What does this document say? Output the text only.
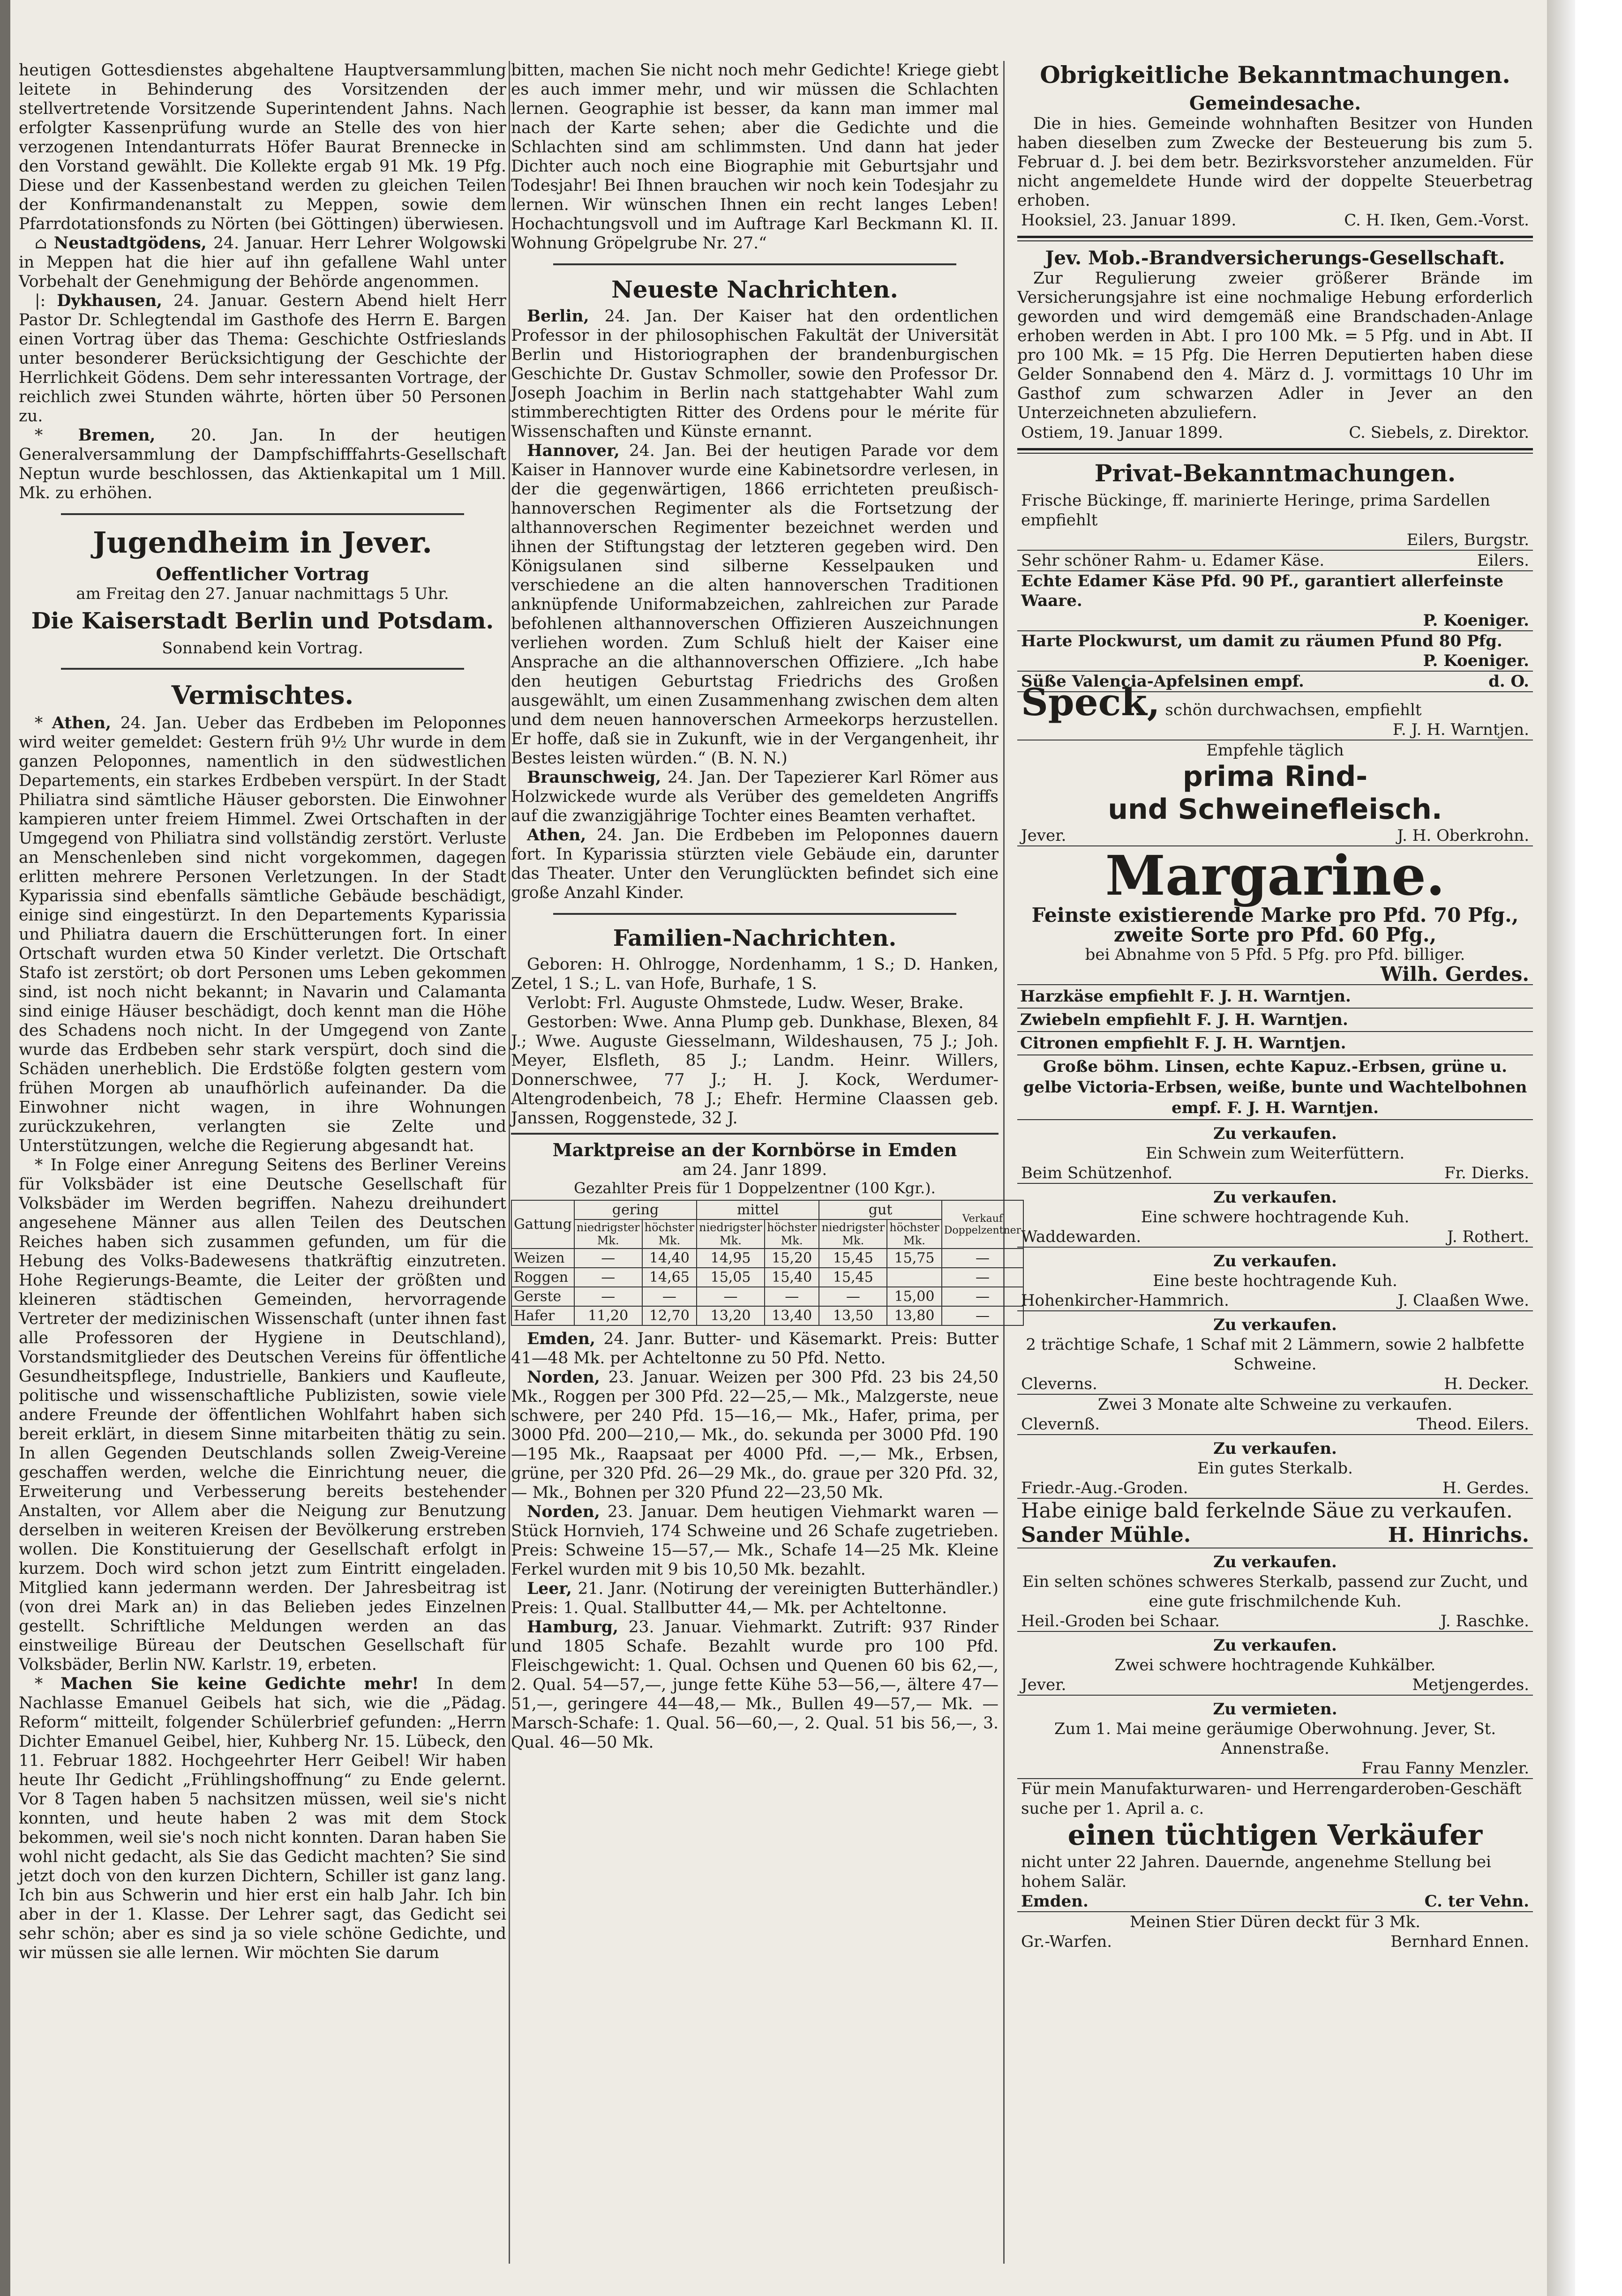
heutigen Gottesdienstes abgehaltene Hauptversammlung leitete in Behinderung des Vorsitzenden der stellvertretende Vorsitzende Superintendent Jahns. Nach erfolgter Kassenprüfung wurde an Stelle des von hier verzogenen Intendanturrats Höfer Baurat Brennecke in den Vorstand gewählt. Die Kollekte ergab 91 Mk. 19 Pfg. Diese und der Kassenbestand werden zu gleichen Teilen der Konfirmandenanstalt zu Meppen, sowie dem Pfarrdotationsfonds zu Nörten (bei Göttingen) überwiesen.

⌂ Neustadtgödens, 24. Januar. Herr Lehrer Wolgowski in Meppen hat die hier auf ihn gefallene Wahl unter Vorbehalt der Genehmigung der Behörde angenommen.

|: Dykhausen, 24. Januar. Gestern Abend hielt Herr Pastor Dr. Schlegtendal im Gasthofe des Herrn E. Bargen einen Vortrag über das Thema: Geschichte Ostfrieslands unter besonderer Berücksichtigung der Geschichte der Herrlichkeit Gödens. Dem sehr interessanten Vortrage, der reichlich zwei Stunden währte, hörten über 50 Personen zu.

* Bremen, 20. Jan. In der heutigen Generalversammlung der Dampfschifffahrts-Gesellschaft Neptun wurde beschlossen, das Aktienkapital um 1 Mill. Mk. zu erhöhen.

Jugendheim in Jever.
Oeffentlicher Vortrag
am Freitag den 27. Januar nachmittags 5 Uhr.
Die Kaiserstadt Berlin und Potsdam.
Sonnabend kein Vortrag.
Vermischtes.

* Athen, 24. Jan. Ueber das Erdbeben im Peloponnes wird weiter gemeldet: Gestern früh 9½ Uhr wurde in dem ganzen Peloponnes, namentlich in den südwestlichen Departements, ein starkes Erdbeben verspürt. In der Stadt Philiatra sind sämtliche Häuser geborsten. Die Einwohner kampieren unter freiem Himmel. Zwei Ortschaften in der Umgegend von Philiatra sind vollständig zerstört. Verluste an Menschenleben sind nicht vorgekommen, dagegen erlitten mehrere Personen Verletzungen. In der Stadt Kyparissia sind ebenfalls sämtliche Gebäude beschädigt, einige sind eingestürzt. In den Departements Kyparissia und Philiatra dauern die Erschütterungen fort. In einer Ortschaft wurden etwa 50 Kinder verletzt. Die Ortschaft Stafo ist zerstört; ob dort Personen ums Leben gekommen sind, ist noch nicht bekannt; in Navarin und Calamanta sind einige Häuser beschädigt, doch kennt man die Höhe des Schadens noch nicht. In der Umgegend von Zante wurde das Erdbeben sehr stark verspürt, doch sind die Schäden unerheblich. Die Erdstöße folgten gestern vom frühen Morgen ab unaufhörlich aufeinander. Da die Einwohner nicht wagen, in ihre Wohnungen zurückzukehren, verlangten sie Zelte und Unterstützungen, welche die Regierung abgesandt hat.

* In Folge einer Anregung Seitens des Berliner Vereins für Volksbäder ist eine Deutsche Gesellschaft für Volksbäder im Werden begriffen. Nahezu dreihundert angesehene Männer aus allen Teilen des Deutschen Reiches haben sich zusammen gefunden, um für die Hebung des Volks-Badewesens thatkräftig einzutreten. Hohe Regierungs-Beamte, die Leiter der größten und kleineren städtischen Gemeinden, hervorragende Vertreter der medizinischen Wissenschaft (unter ihnen fast alle Professoren der Hygiene in Deutschland), Vorstandsmitglieder des Deutschen Vereins für öffentliche Gesundheitspflege, Industrielle, Bankiers und Kaufleute, politische und wissenschaftliche Publizisten, sowie viele andere Freunde der öffentlichen Wohlfahrt haben sich bereit erklärt, in diesem Sinne mitarbeiten thätig zu sein. In allen Gegenden Deutschlands sollen Zweig-Vereine geschaffen werden, welche die Einrichtung neuer, die Erweiterung und Verbesserung bereits bestehender Anstalten, vor Allem aber die Neigung zur Benutzung derselben in weiteren Kreisen der Bevölkerung erstreben wollen. Die Konstituierung der Gesellschaft erfolgt in kurzem. Doch wird schon jetzt zum Eintritt eingeladen. Mitglied kann jedermann werden. Der Jahresbeitrag ist (von drei Mark an) in das Belieben jedes Einzelnen gestellt. Schriftliche Meldungen werden an das einstweilige Büreau der Deutschen Gesellschaft für Volksbäder, Berlin NW. Karlstr. 19, erbeten.

* Machen Sie keine Gedichte mehr! In dem Nachlasse Emanuel Geibels hat sich, wie die „Pädag. Reform“ mitteilt, folgender Schülerbrief gefunden: „Herrn Dichter Emanuel Geibel, hier, Kuhberg Nr. 15. Lübeck, den 11. Februar 1882. Hochgeehrter Herr Geibel! Wir haben heute Ihr Gedicht „Frühlingshoffnung“ zu Ende gelernt. Vor 8 Tagen haben 5 nachsitzen müssen, weil sie's nicht konnten, und heute haben 2 was mit dem Stock bekommen, weil sie's noch nicht konnten. Daran haben Sie wohl nicht gedacht, als Sie das Gedicht machten? Sie sind jetzt doch von den kurzen Dichtern, Schiller ist ganz lang. Ich bin aus Schwerin und hier erst ein halb Jahr. Ich bin aber in der 1. Klasse. Der Lehrer sagt, das Gedicht sei sehr schön; aber es sind ja so viele schöne Gedichte, und wir müssen sie alle lernen. Wir möchten Sie darum

bitten, machen Sie nicht noch mehr Gedichte! Kriege giebt es auch immer mehr, und wir müssen die Schlachten lernen. Geographie ist besser, da kann man immer mal nach der Karte sehen; aber die Gedichte und die Schlachten sind am schlimmsten. Und dann hat jeder Dichter auch noch eine Biographie mit Geburtsjahr und Todesjahr! Bei Ihnen brauchen wir noch kein Todesjahr zu lernen. Wir wünschen Ihnen ein recht langes Leben! Hochachtungsvoll und im Auftrage Karl Beckmann Kl. II. Wohnung Gröpelgrube Nr. 27.“

Neueste Nachrichten.

Berlin, 24. Jan. Der Kaiser hat den ordentlichen Professor in der philosophischen Fakultät der Universität Berlin und Historiographen der brandenburgischen Geschichte Dr. Gustav Schmoller, sowie den Professor Dr. Joseph Joachim in Berlin nach stattgehabter Wahl zum stimmberechtigten Ritter des Ordens pour le mérite für Wissenschaften und Künste ernannt.

Hannover, 24. Jan. Bei der heutigen Parade vor dem Kaiser in Hannover wurde eine Kabinetsordre verlesen, in der die gegenwärtigen, 1866 errichteten preußisch-hannoverschen Regimenter als die Fortsetzung der althannoverschen Regimenter bezeichnet werden und ihnen der Stiftungstag der letzteren gegeben wird. Den Königsulanen sind silberne Kesselpauken und verschiedene an die alten hannoverschen Traditionen anknüpfende Uniformabzeichen, zahlreichen zur Parade befohlenen althannoverschen Offizieren Auszeichnungen verliehen worden. Zum Schluß hielt der Kaiser eine Ansprache an die althannoverschen Offiziere. „Ich habe den heutigen Geburtstag Friedrichs des Großen ausgewählt, um einen Zusammenhang zwischen dem alten und dem neuen hannoverschen Armeekorps herzustellen. Er hoffe, daß sie in Zukunft, wie in der Vergangenheit, ihr Bestes leisten würden.“ (B. N. N.)

Braunschweig, 24. Jan. Der Tapezierer Karl Römer aus Holzwickede wurde als Verüber des gemeldeten Angriffs auf die zwanzigjährige Tochter eines Beamten verhaftet.

Athen, 24. Jan. Die Erdbeben im Peloponnes dauern fort. In Kyparissia stürzten viele Gebäude ein, darunter das Theater. Unter den Verunglückten befindet sich eine große Anzahl Kinder.

Familien-Nachrichten.

Geboren: H. Ohlrogge, Nordenhamm, 1 S.; D. Hanken, Zetel, 1 S.; L. van Hofe, Burhafe, 1 S.

Verlobt: Frl. Auguste Ohmstede, Ludw. Weser, Brake.

Gestorben: Wwe. Anna Plump geb. Dunkhase, Blexen, 84 J.; Wwe. Auguste Giesselmann, Wildeshausen, 75 J.; Joh. Meyer, Elsfleth, 85 J.; Landm. Heinr. Willers, Donnerschwee, 77 J.; H. J. Kock, Werdumer-Altengrodenbeich, 78 J.; Ehefr. Hermine Claassen geb. Janssen, Roggenstede, 32 J.

Marktpreise an der Kornbörse in Emden
am 24. Janr 1899.
Gezahlter Preis für 1 Doppelzentner (100 Kgr.).
Gattung	gering		mittel		gut		Verkauf Doppelzentner
	niedrigster Mk.	höchster Mk.	niedrigster Mk.	höchster Mk.	niedrigster Mk.	höchster Mk.	
Weizen	—	14,40	14,95	15,20	15,45	15,75	—
Roggen	—	14,65	15,05	15,40	15,45		—
Gerste	—	—	—	—	—	15,00	—
Hafer	11,20	12,70	13,20	13,40	13,50	13,80	—

Emden, 24. Janr. Butter- und Käsemarkt. Preis: Butter 41—48 Mk. per Achteltonne zu 50 Pfd. Netto.

Norden, 23. Januar. Weizen per 300 Pfd. 23 bis 24,50 Mk., Roggen per 300 Pfd. 22—25,— Mk., Malzgerste, neue schwere, per 240 Pfd. 15—16,— Mk., Hafer, prima, per 3000 Pfd. 200—210,— Mk., do. sekunda per 3000 Pfd. 190—195 Mk., Raapsaat per 4000 Pfd. —,— Mk., Erbsen, grüne, per 320 Pfd. 26—29 Mk., do. graue per 320 Pfd. 32,— Mk., Bohnen per 320 Pfund 22—23,50 Mk.

Norden, 23. Januar. Dem heutigen Viehmarkt waren — Stück Hornvieh, 174 Schweine und 26 Schafe zugetrieben. Preis: Schweine 15—57,— Mk., Schafe 14—25 Mk. Kleine Ferkel wurden mit 9 bis 10,50 Mk. bezahlt.

Leer, 21. Janr. (Notirung der vereinigten Butterhändler.) Preis: 1. Qual. Stallbutter 44,— Mk. per Achteltonne.

Hamburg, 23. Januar. Viehmarkt. Zutrift: 937 Rinder und 1805 Schafe. Bezahlt wurde pro 100 Pfd. Fleischgewicht: 1. Qual. Ochsen und Quenen 60 bis 62,—, 2. Qual. 54—57,—, junge fette Kühe 53—56,—, ältere 47—51,—, geringere 44—48,— Mk., Bullen 49—57,— Mk. — Marsch-Schafe: 1. Qual. 56—60,—, 2. Qual. 51 bis 56,—, 3. Qual. 46—50 Mk.

Obrigkeitliche Bekanntmachungen.
Gemeindesache.

Die in hies. Gemeinde wohnhaften Besitzer von Hunden haben dieselben zum Zwecke der Besteuerung bis zum 5. Februar d. J. bei dem betr. Bezirksvorsteher anzumelden. Für nicht angemeldete Hunde wird der doppelte Steuerbetrag erhoben.

Hooksiel, 23. Januar 1899.	C. H. Iken, Gem.-Vorst.
Jev. Mob.-Brandversicherungs-Gesellschaft.

Zur Regulierung zweier größerer Brände im Versicherungsjahre ist eine nochmalige Hebung erforderlich geworden und wird demgemäß eine Brandschaden-Anlage erhoben werden in Abt. I pro 100 Mk. = 5 Pfg. und in Abt. II pro 100 Mk. = 15 Pfg. Die Herren Deputierten haben diese Gelder Sonnabend den 4. März d. J. vormittags 10 Uhr im Gasthof zum schwarzen Adler in Jever an den Unterzeichneten abzuliefern.

Ostiem, 19. Januar 1899.	C. Siebels, z. Direktor.
Privat-Bekanntmachungen.
Frische Bückinge, ff. marinierte Heringe, prima Sardellen empfiehlt
Eilers, Burgstr.
Sehr schöner Rahm- u. Edamer Käse.	Eilers.
Echte Edamer Käse Pfd. 90 Pf., garantiert allerfeinste Waare.
P. Koeniger.
Harte Plockwurst, um damit zu räumen Pfund 80 Pfg.
P. Koeniger.
Süße Valencia-Apfelsinen empf.	d. O.
Speck, schön durchwachsen, empfiehlt
F. J. H. Warntjen.
Empfehle täglich
prima Rind-
und Schweinefleisch.
Jever.	J. H. Oberkrohn.
Margarine.
Feinste existierende Marke pro Pfd. 70 Pfg.,
zweite Sorte pro Pfd. 60 Pfg.,
bei Abnahme von 5 Pfd. 5 Pfg. pro Pfd. billiger.
Wilh. Gerdes.
Harzkäse empfiehlt F. J. H. Warntjen.
Zwiebeln empfiehlt F. J. H. Warntjen.
Citronen empfiehlt F. J. H. Warntjen.
Große böhm. Linsen, echte Kapuz.-Erbsen, grüne u. gelbe Victoria-Erbsen, weiße, bunte und Wachtelbohnen empf. F. J. H. Warntjen.
Zu verkaufen.
Ein Schwein zum Weiterfüttern.
Beim Schützenhof.	Fr. Dierks.
Zu verkaufen.
Eine schwere hochtragende Kuh.
Waddewarden.	J. Rothert.
Zu verkaufen.
Eine beste hochtragende Kuh.
Hohenkircher-Hammrich.	J. Claaßen Wwe.
Zu verkaufen.
2 trächtige Schafe, 1 Schaf mit 2 Lämmern, sowie 2 halbfette Schweine.
Cleverns.	H. Decker.
Zwei 3 Monate alte Schweine zu verkaufen.
Clevernß.	Theod. Eilers.
Zu verkaufen.
Ein gutes Sterkalb.
Friedr.-Aug.-Groden.	H. Gerdes.
Habe einige bald ferkelnde Säue zu verkaufen.
Sander Mühle.	H. Hinrichs.
Zu verkaufen.
Ein selten schönes schweres Sterkalb, passend zur Zucht, und eine gute frischmilchende Kuh.
Heil.-Groden bei Schaar.	J. Raschke.
Zu verkaufen.
Zwei schwere hochtragende Kuhkälber.
Jever.	Metjengerdes.
Zu vermieten.
Zum 1. Mai meine geräumige Oberwohnung. Jever, St. Annenstraße.
Frau Fanny Menzler.
Für mein Manufakturwaren- und Herrengarderoben-Geschäft suche per 1. April a. c.
einen tüchtigen Verkäufer
nicht unter 22 Jahren. Dauernde, angenehme Stellung bei hohem Salär.
Emden.	C. ter Vehn.
Meinen Stier Düren deckt für 3 Mk.
Gr.-Warfen.	Bernhard Ennen.
